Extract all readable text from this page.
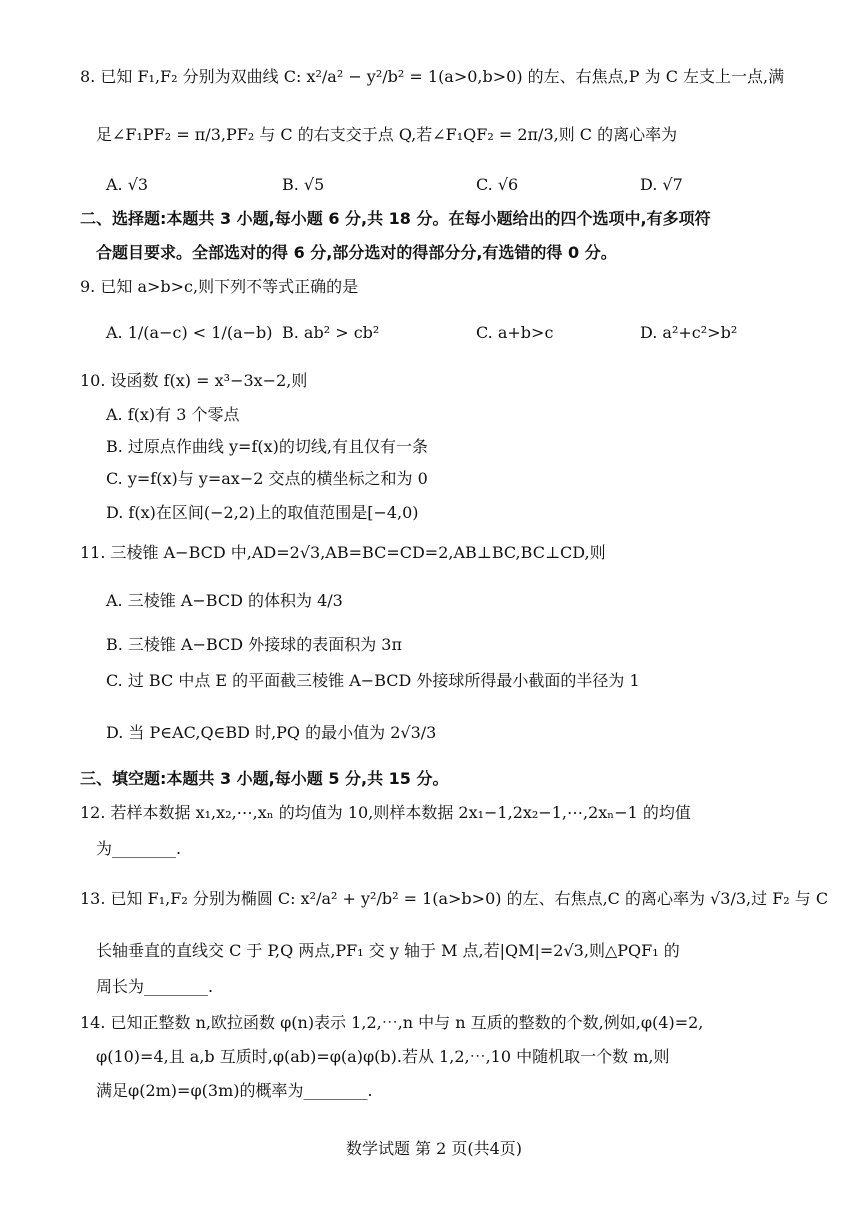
8. 已知 F₁,F₂ 分别为双曲线 C: x²/a² − y²/b² = 1(a>0,b>0) 的左、右焦点,P 为 C 左支上一点,满
足∠F₁PF₂ = π/3,PF₂ 与 C 的右支交于点 Q,若∠F₁QF₂ = 2π/3,则 C 的离心率为
A. √3	B. √5	C. √6	D. √7
二、选择题:本题共 3 小题,每小题 6 分,共 18 分。在每小题给出的四个选项中,有多项符
合题目要求。全部选对的得 6 分,部分选对的得部分分,有选错的得 0 分。
9. 已知 a>b>c,则下列不等式正确的是
A. 1/(a−c) < 1/(a−b) B. ab² > cb²	C. a+b>c	D. a²+c²>b²
10. 设函数 f(x) = x³−3x−2,则
A. f(x)有 3 个零点
B. 过原点作曲线 y=f(x)的切线,有且仅有一条
C. y=f(x)与 y=ax−2 交点的横坐标之和为 0
D. f(x)在区间(−2,2)上的取值范围是[−4,0)
11. 三棱锥 A−BCD 中,AD=2√3,AB=BC=CD=2,AB⊥BC,BC⊥CD,则
A. 三棱锥 A−BCD 的体积为 4/3
B. 三棱锥 A−BCD 外接球的表面积为 3π
C. 过 BC 中点 E 的平面截三棱锥 A−BCD 外接球所得最小截面的半径为 1
D. 当 P∈AC,Q∈BD 时,PQ 的最小值为 2√3/3
三、填空题:本题共 3 小题,每小题 5 分,共 15 分。
12. 若样本数据 x₁,x₂,⋯,xₙ 的均值为 10,则样本数据 2x₁−1,2x₂−1,⋯,2xₙ−1 的均值
为________.
13. 已知 F₁,F₂ 分别为椭圆 C: x²/a² + y²/b² = 1(a>b>0) 的左、右焦点,C 的离心率为 √3/3,过 F₂ 与 C
长轴垂直的直线交 C 于 P,Q 两点,PF₁ 交 y 轴于 M 点,若|QM|=2√3,则△PQF₁ 的
周长为________.
14. 已知正整数 n,欧拉函数 φ(n)表示 1,2,⋯,n 中与 n 互质的整数的个数,例如,φ(4)=2,
φ(10)=4,且 a,b 互质时,φ(ab)=φ(a)φ(b).若从 1,2,⋯,10 中随机取一个数 m,则
满足φ(2m)=φ(3m)的概率为________.
数学试题 第 2 页(共4页)
